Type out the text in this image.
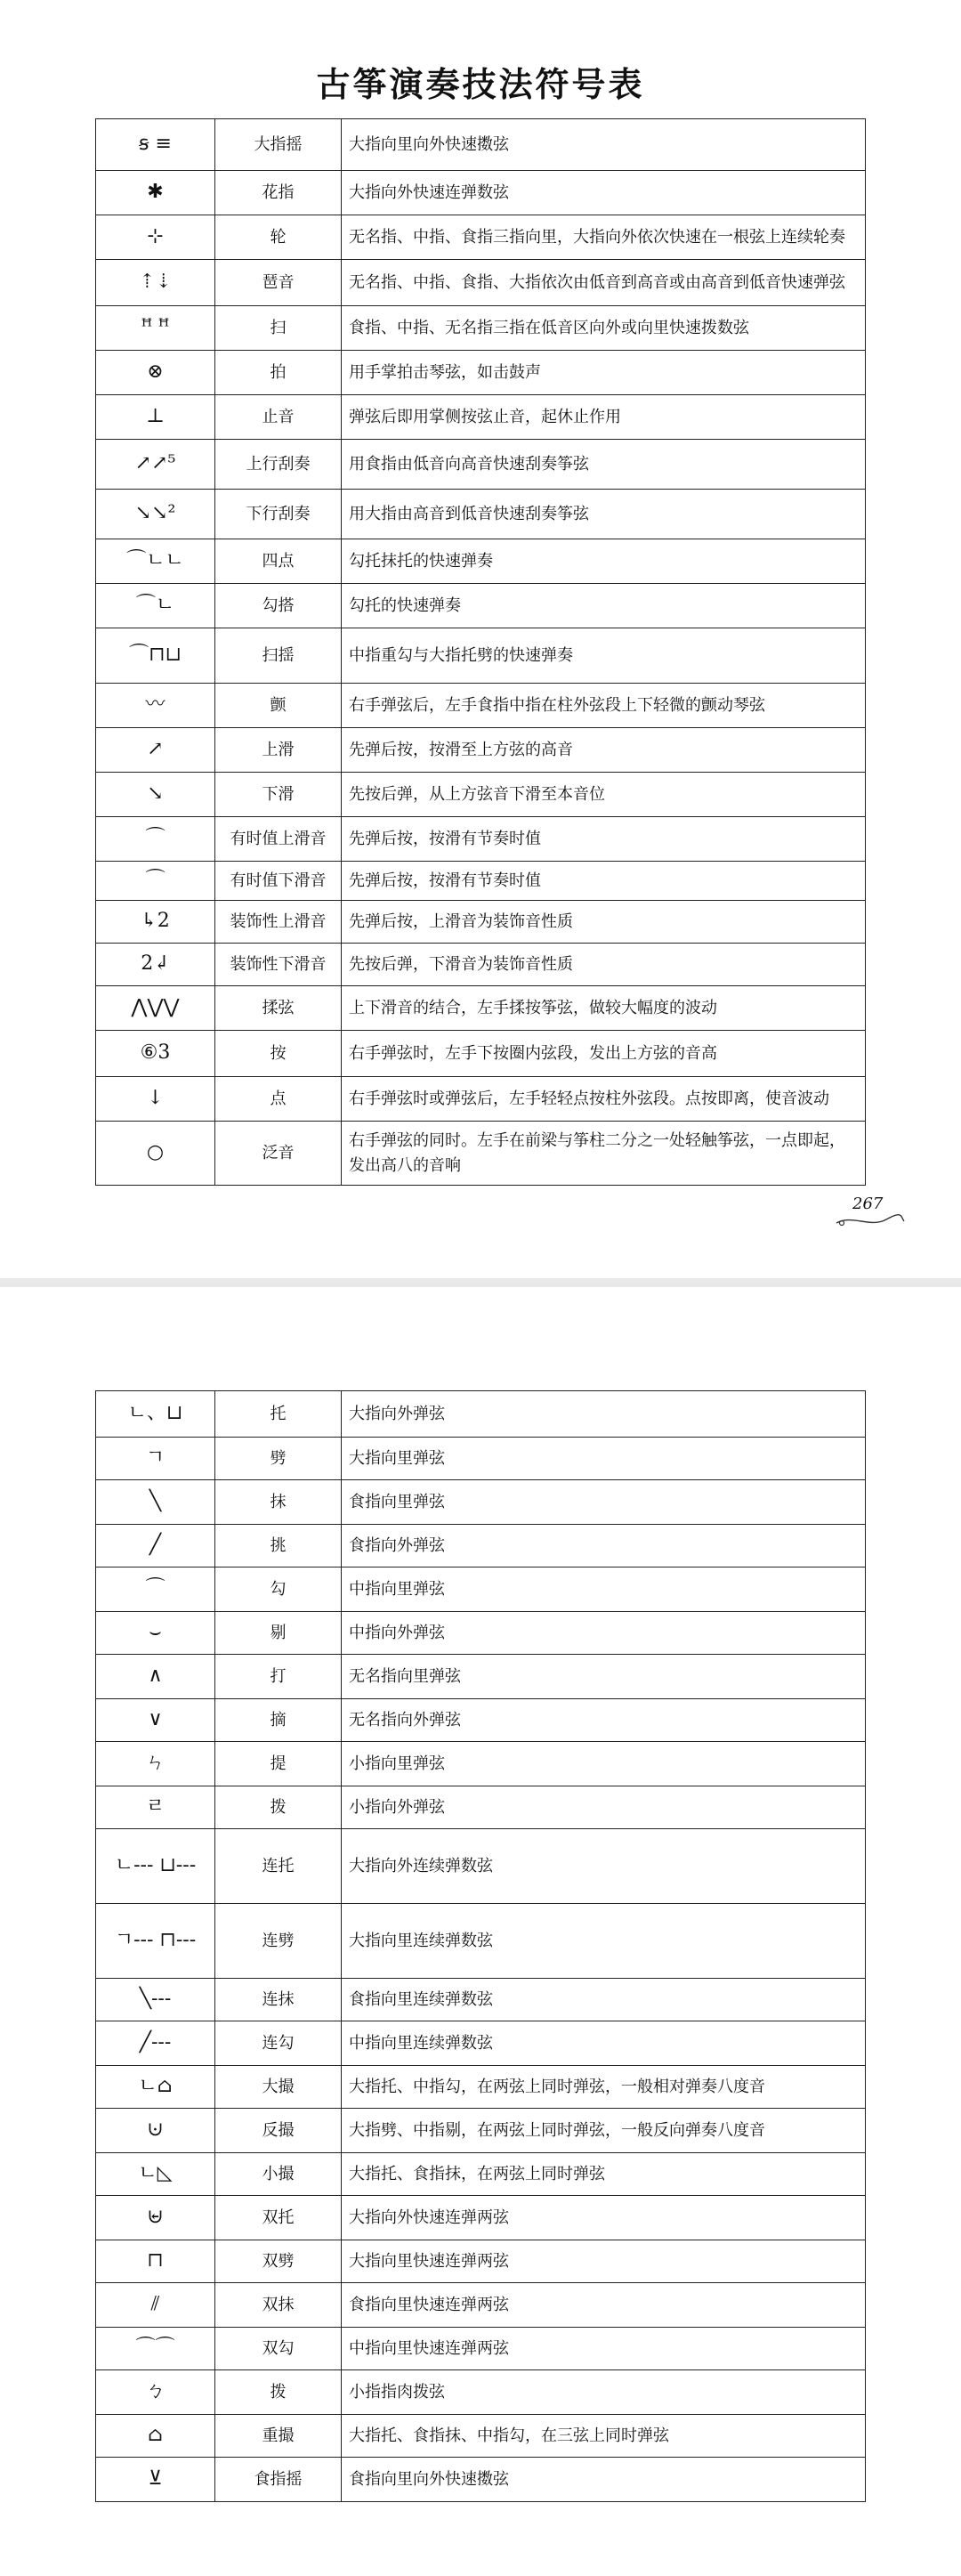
古筝演奏技法符号表
ꞩ ≡	大指摇	大指向里向外快速擞弦
✱	花指	大指向外快速连弹数弦
⊹	轮	无名指、中指、食指三指向里，大指向外依次快速在一根弦上连续轮奏
⇡⇣	琶音	无名指、中指、食指、大指依次由低音到高音或由高音到低音快速弹弦
ꟸ ꟸ	扫	食指、中指、无名指三指在低音区向外或向里快速拨数弦
⊗	拍	用手掌拍击琴弦，如击鼓声
⊥	止音	弹弦后即用掌侧按弦止音，起休止作用
↗↗⁵	上行刮奏	用食指由低音向高音快速刮奏筝弦
↘↘²	下行刮奏	用大指由高音到低音快速刮奏筝弦
⌒ㄴㄴ	四点	勾托抹托的快速弹奏
⌒ㄴ	勾搭	勾托的快速弹奏
⌒⊓⊔	扫揺	中指重勾与大指托劈的快速弹奏
〰	颤	右手弹弦后，左手食指中指在柱外弦段上下轻微的颤动琴弦
↗	上滑	先弹后按，按滑至上方弦的高音
↘	下滑	先按后弹，从上方弦音下滑至本音位
⌒	有时值上滑音	先弹后按，按滑有节奏时值
⌒	有时值下滑音	先弹后按，按滑有节奏时值
↳2	装饰性上滑音	先弹后按，上滑音为装饰音性质
2↲	装饰性下滑音	先按后弹，下滑音为装饰音性质
⋀⋁⋁	揉弦	上下滑音的结合，左手揉按筝弦，做较大幅度的波动
⑥3	按	右手弹弦时，左手下按圈内弦段，发出上方弦的音高
↓	点	右手弹弦时或弹弦后，左手轻轻点按柱外弦段。点按即离，使音波动
○	泛音	右手弹弦的同时。左手在前梁与筝柱二分之一处轻触筝弦，一点即起，发出高八的音响
267
ㄴ、⊔	托	大指向外弹弦
ㄱ	劈	大指向里弹弦
╲	抹	食指向里弹弦
╱	挑	食指向外弹弦
⌒	勾	中指向里弹弦
⌣	剔	中指向外弹弦
∧	打	无名指向里弹弦
∨	摘	无名指向外弹弦
ㄣ	提	小指向里弹弦
ㄹ	拨	小指向外弹弦
ㄴ--- ⊔---	连托	大指向外连续弹数弦
ㄱ--- ⊓---	连劈	大指向里连续弹数弦
╲---	连抹	食指向里连续弹数弦
╱---	连勾	中指向里连续弹数弦
ㄴ⌂	大撮	大指托、中指勾，在两弦上同时弹弦，一般相对弹奏八度音
⊍	反撮	大指劈、中指剔，在两弦上同时弹弦，一般反向弹奏八度音
ㄴ◺	小撮	大指托、食指抹，在两弦上同时弹弦
⊌	双托	大指向外快速连弹两弦
⊓	双劈	大指向里快速连弹两弦
⫽	双抹	食指向里快速连弹两弦
⌒⌒	双勾	中指向里快速连弹两弦
ㄅ	拨	小指指肉拨弦
⌂	重撮	大指托、食指抹、中指勾，在三弦上同时弹弦
⊻	食指摇	食指向里向外快速擞弦
